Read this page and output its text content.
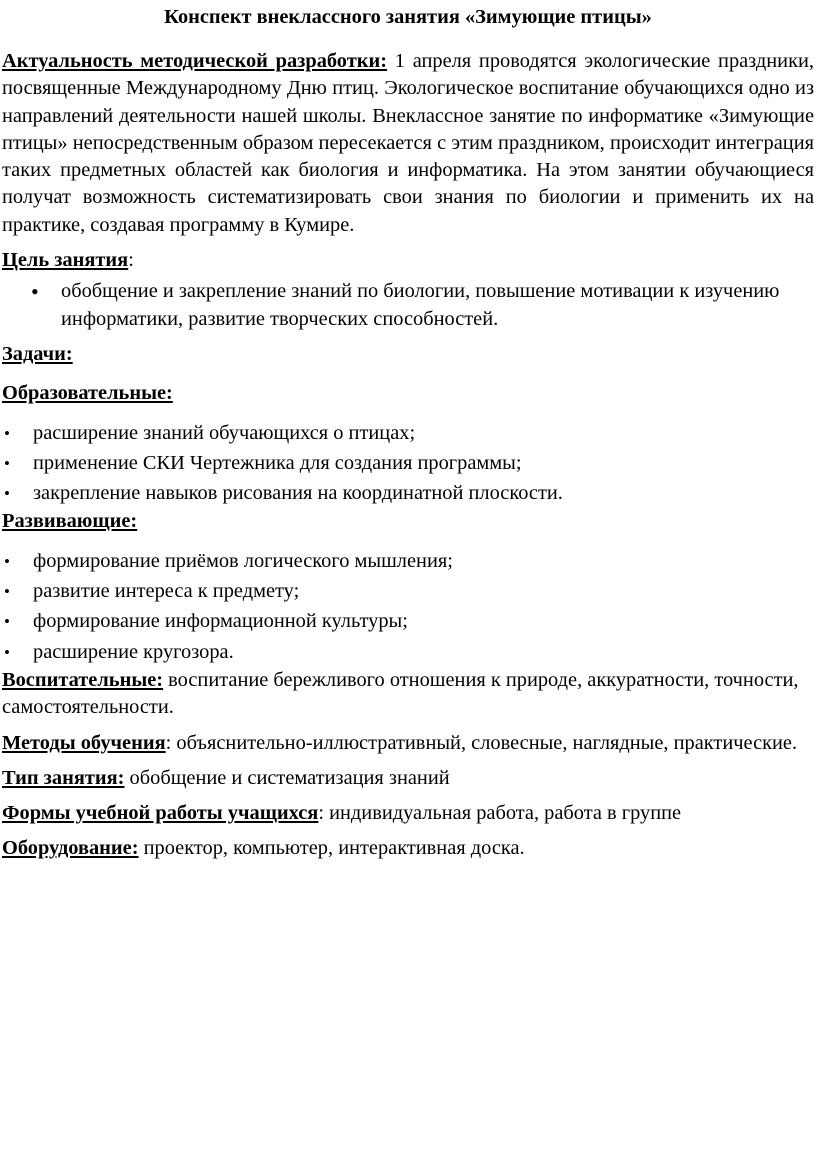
Конспект внеклассного занятия «Зимующие птицы»

Актуальность методической разработки: 1 апреля проводятся экологические праздники, посвященные Международному Дню птиц. Экологическое воспитание обучающихся одно из направлений деятельности нашей школы. Внеклассное занятие по информатике «Зимующие птицы» непосредственным образом пересекается с этим праздником, происходит интеграция таких предметных областей как биология и информатика. На этом занятии обучающиеся получат возможность систематизировать свои знания по биологии и применить их на практике, создавая программу в Кумире.

Цель занятия:

• обобщение и закрепление знаний по биологии, повышение мотивации к изучению информатики, развитие творческих способностей.

Задачи:

Образовательные:

• расширение знаний обучающихся о птицах;
• применение СКИ Чертежника для создания программы;
• закрепление навыков рисования на координатной плоскости.

Развивающие:

• формирование приёмов логического мышления;
• развитие интереса к предмету;
• формирование информационной культуры;
• расширение кругозора.

Воспитательные: воспитание бережливого отношения к природе, аккуратности, точности, самостоятельности.

Методы обучения: объяснительно-иллюстративный, словесные, наглядные, практические.

Тип занятия: обобщение и систематизация знаний

Формы учебной работы учащихся: индивидуальная работа, работа в группе

Оборудование: проектор, компьютер, интерактивная доска.
